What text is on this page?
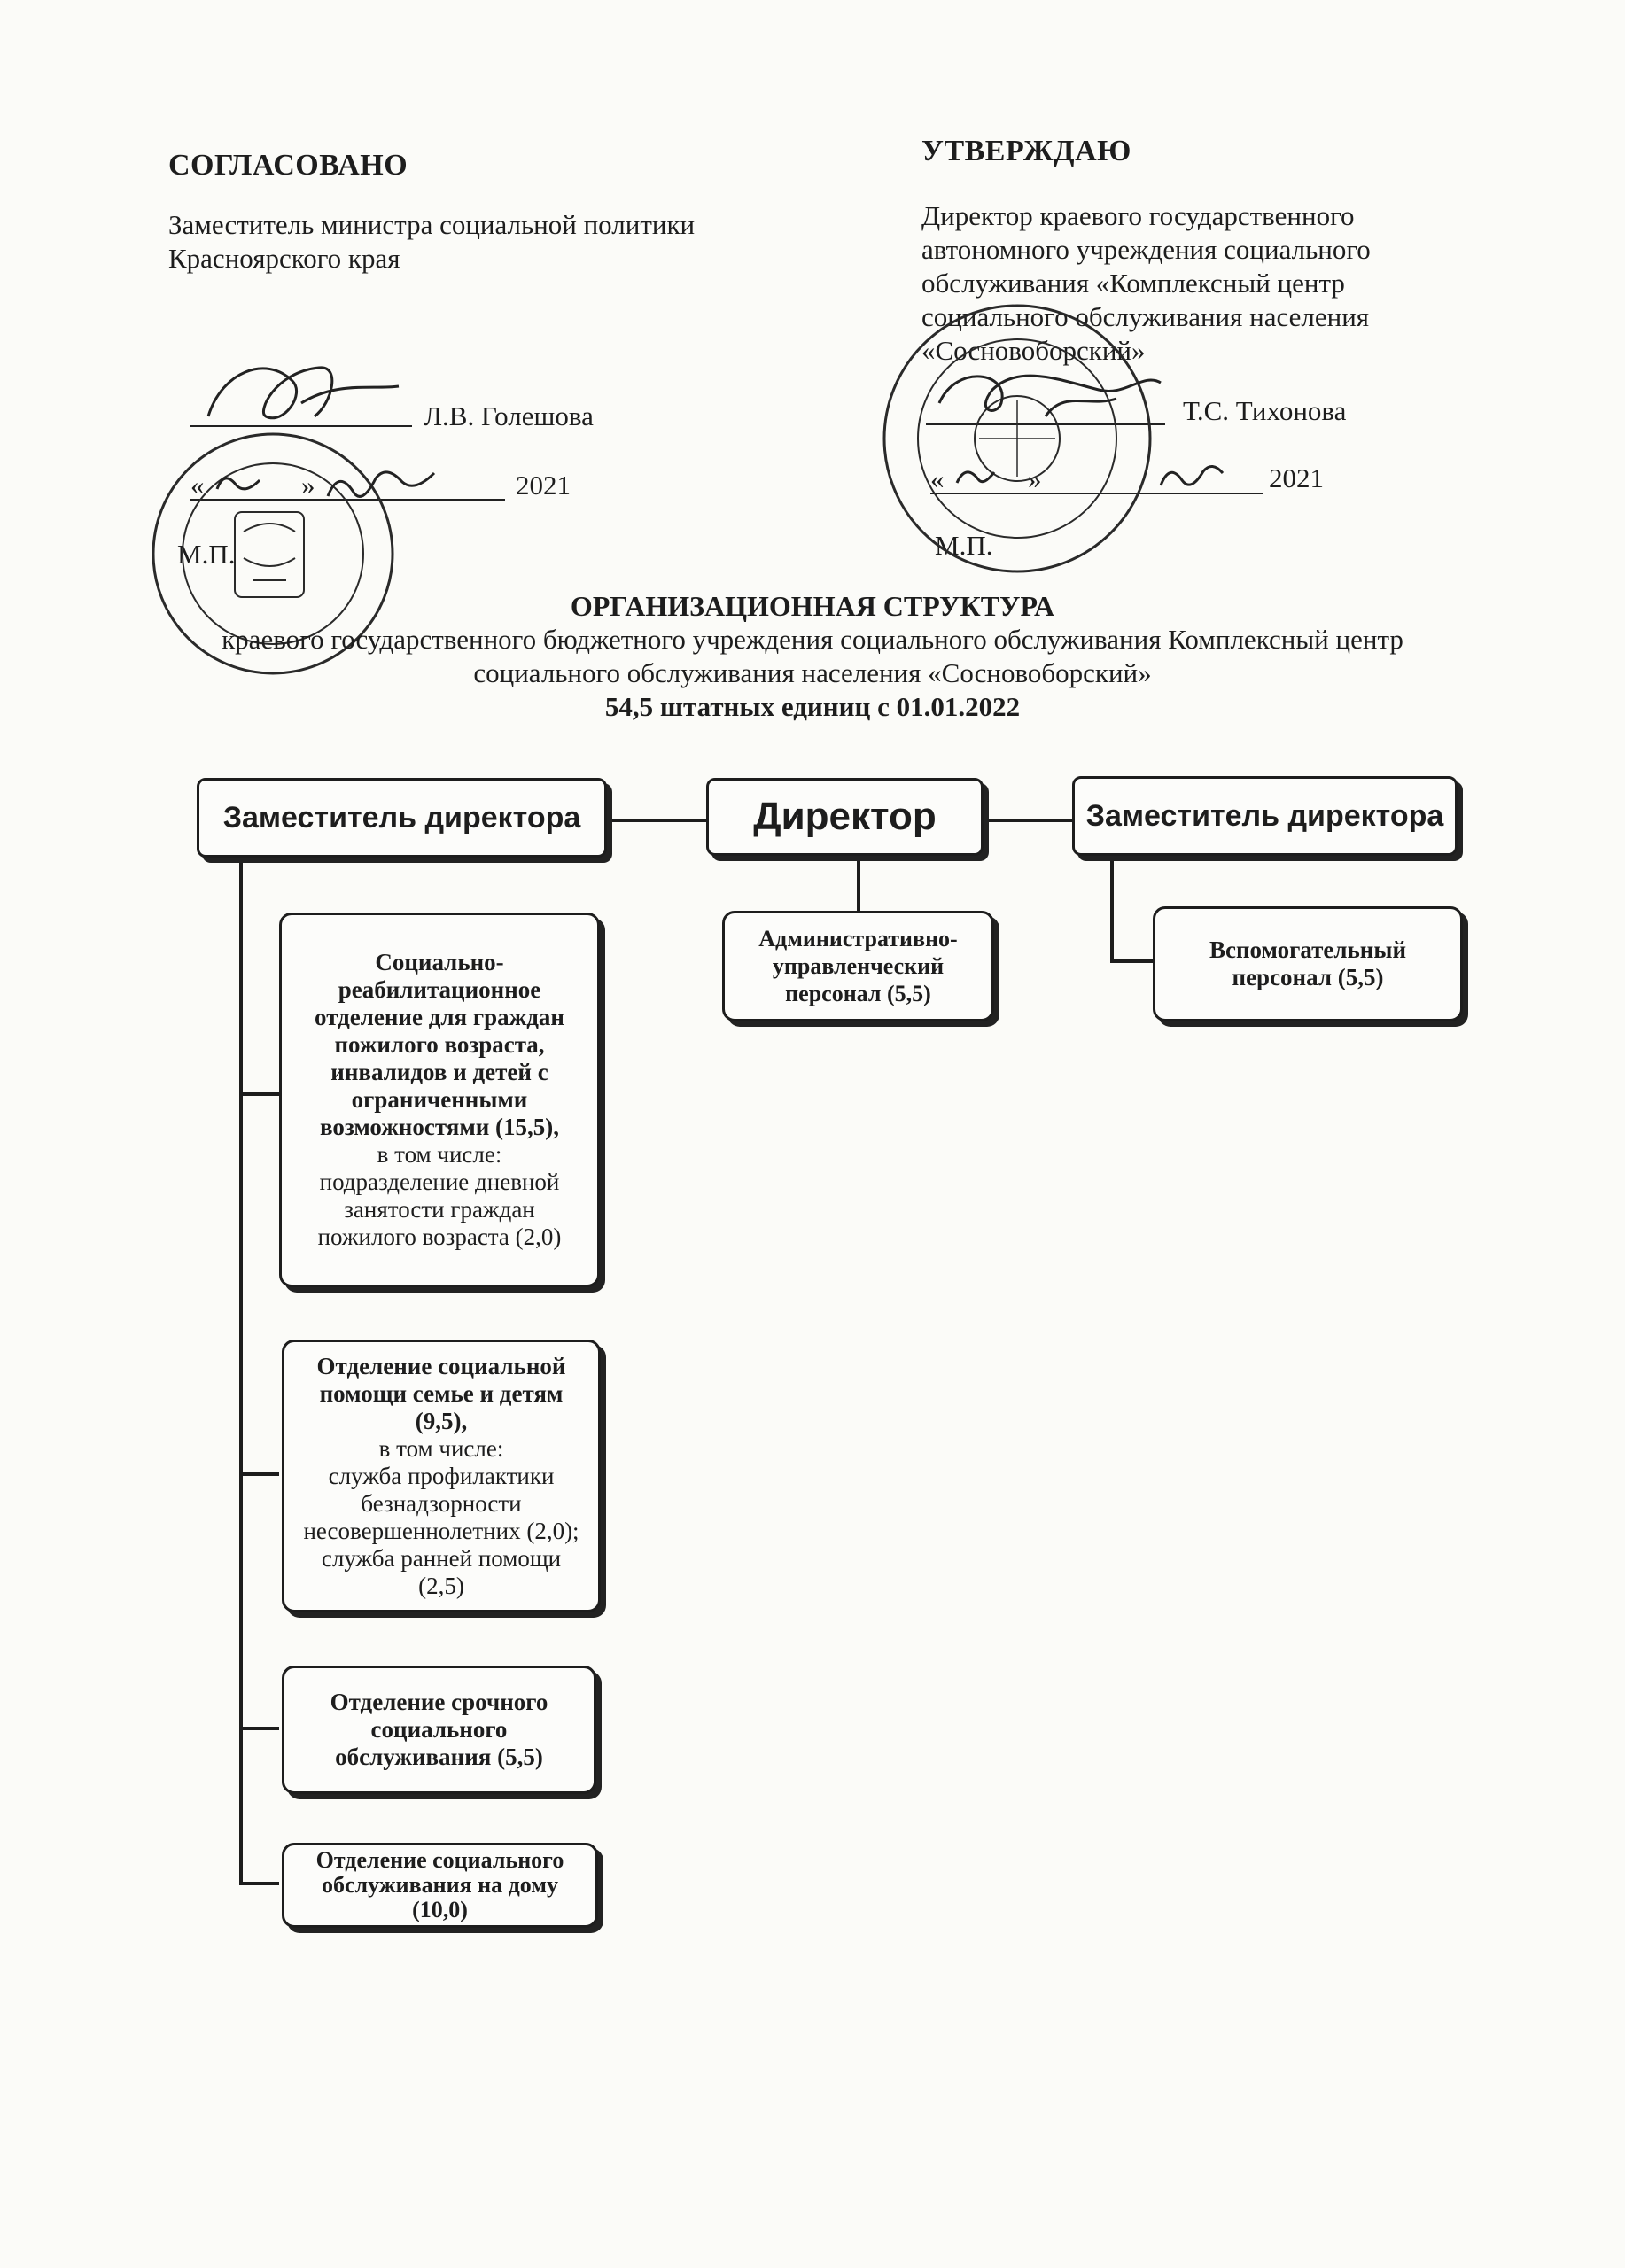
СОГЛАСОВАНО
Заместитель министра социальной политики
Красноярского края
УТВЕРЖДАЮ
Директор краевого государственного
автономного учреждения социального
обслуживания «Комплексный центр
социального обслуживания населения
«Сосновоборский»
Л.В. Голешова
«	»	2021
М.П.
Т.С. Тихонова
«	»	2021
М.П.
ОРГАНИЗАЦИОННАЯ СТРУКТУРА
краевого государственного бюджетного учреждения социального обслуживания Комплексный центр
социального обслуживания населения «Сосновоборский»
54,5 штатных единиц с 01.01.2022
Заместитель директора	Директор	Заместитель директора
Административно-
управленческий
персонал (5,5)
Вспомогательный
персонал (5,5)
Социально-
реабилитационное
отделение для граждан
пожилого возраста,
инвалидов и детей с
ограниченными
возможностями (15,5),
в том числе:
подразделение дневной
занятости граждан
пожилого возраста (2,0)
Отделение социальной
помощи семье и детям
(9,5),
в том числе:
служба профилактики
безнадзорности
несовершеннолетних (2,0);
служба ранней помощи
(2,5)
Отделение срочного
социального
обслуживания (5,5)
Отделение социального
обслуживания на дому
(10,0)
